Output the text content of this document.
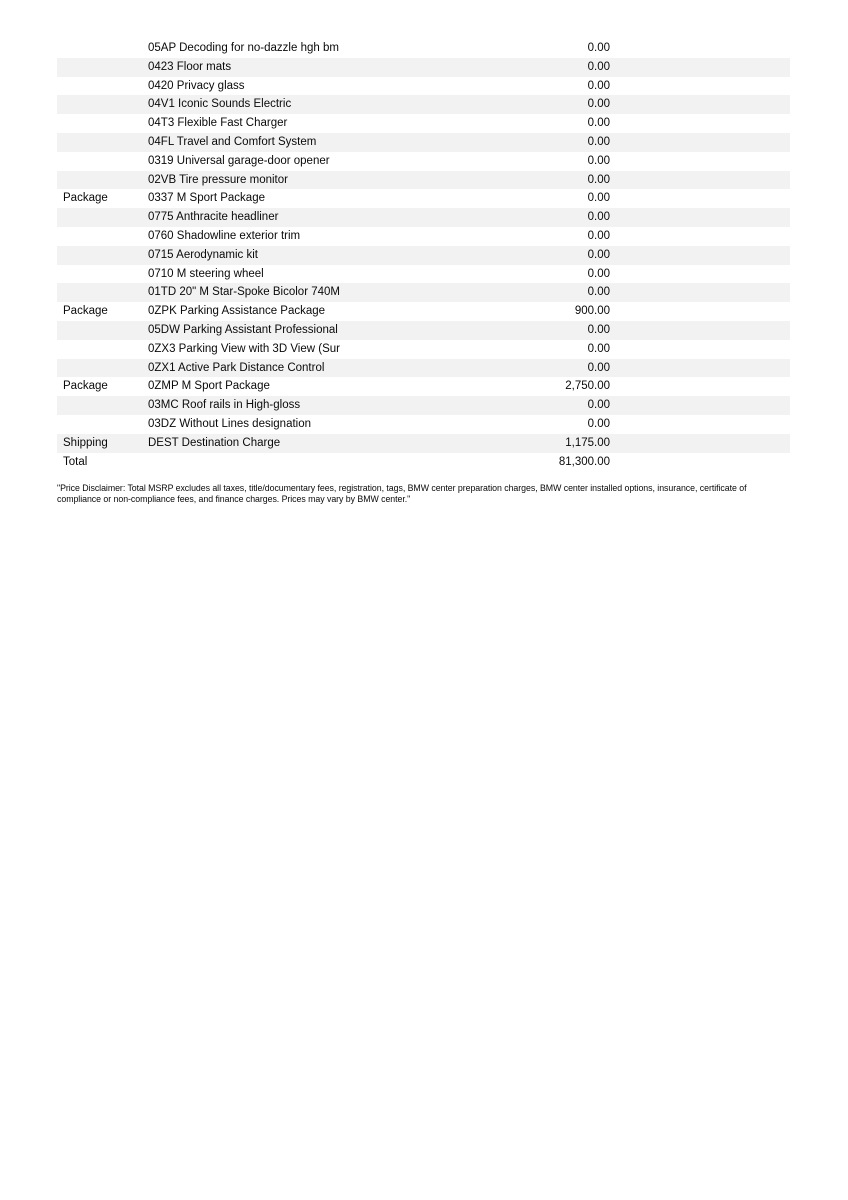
05AP Decoding for no-dazzle hgh bm	0.00
0423 Floor mats	0.00
0420 Privacy glass	0.00
04V1 Iconic Sounds Electric	0.00
04T3 Flexible Fast Charger	0.00
04FL Travel and Comfort System	0.00
0319 Universal garage-door opener	0.00
02VB Tire pressure monitor	0.00
Package	0337 M Sport Package	0.00
0775 Anthracite headliner	0.00
0760 Shadowline exterior trim	0.00
0715 Aerodynamic kit	0.00
0710 M steering wheel	0.00
01TD 20" M Star-Spoke Bicolor 740M	0.00
Package	0ZPK Parking Assistance Package	900.00
05DW Parking Assistant Professional	0.00
0ZX3 Parking View with 3D View (Sur	0.00
0ZX1 Active Park Distance Control	0.00
Package	0ZMP M Sport Package	2,750.00
03MC Roof rails in High-gloss	0.00
03DZ Without Lines designation	0.00
Shipping	DEST Destination Charge	1,175.00
Total	81,300.00

"Price Disclaimer: Total MSRP excludes all taxes, title/documentary fees, registration, tags, BMW center preparation charges, BMW center installed options, insurance, certificate of compliance or non-compliance fees, and finance charges. Prices may vary by BMW center."
